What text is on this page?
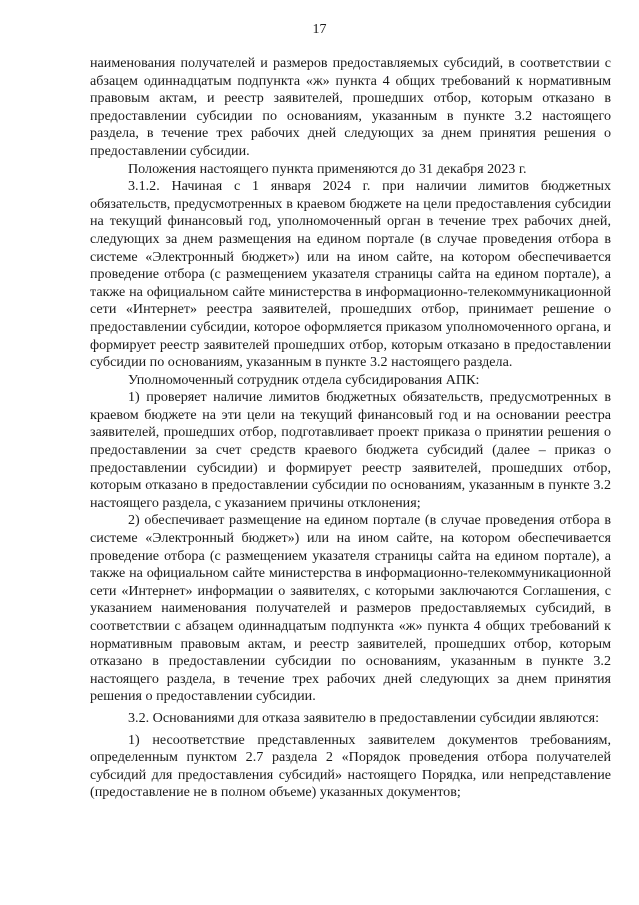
17

наименования получателей и размеров предоставляемых субсидий, в соответствии с абзацем одиннадцатым подпункта «ж» пункта 4 общих требований к нормативным правовым актам, и реестр заявителей, прошедших отбор, которым отказано в предоставлении субсидии по основаниям, указанным в пункте 3.2 настоящего раздела, в течение трех рабочих дней следующих за днем принятия решения о предоставлении субсидии.

Положения настоящего пункта применяются до 31 декабря 2023 г.

3.1.2. Начиная с 1 января 2024 г. при наличии лимитов бюджетных обязательств, предусмотренных в краевом бюджете на цели предоставления субсидии на текущий финансовый год, уполномоченный орган в течение трех рабочих дней, следующих за днем размещения на едином портале (в случае проведения отбора в системе «Электронный бюджет») или на ином сайте, на котором обеспечивается проведение отбора (с размещением указателя страницы сайта на едином портале), а также на официальном сайте министерства в информационно-телекоммуникационной сети «Интернет» реестра заявителей, прошедших отбор, принимает решение о предоставлении субсидии, которое оформляется приказом уполномоченного органа, и формирует реестр заявителей прошедших отбор, которым отказано в предоставлении субсидии по основаниям, указанным в пункте 3.2 настоящего раздела.

Уполномоченный сотрудник отдела субсидирования АПК:

1) проверяет наличие лимитов бюджетных обязательств, предусмотренных в краевом бюджете на эти цели на текущий финансовый год и на основании реестра заявителей, прошедших отбор, подготавливает проект приказа о принятии решения о предоставлении за счет средств краевого бюджета субсидий (далее – приказ о предоставлении субсидии) и формирует реестр заявителей, прошедших отбор, которым отказано в предоставлении субсидии по основаниям, указанным в пункте 3.2 настоящего раздела, с указанием причины отклонения;

2) обеспечивает размещение на едином портале (в случае проведения отбора в системе «Электронный бюджет») или на ином сайте, на котором обеспечивается проведение отбора (с размещением указателя страницы сайта на едином портале), а также на официальном сайте министерства в информационно-телекоммуникационной сети «Интернет» информации о заявителях, с которыми заключаются Соглашения, с указанием наименования получателей и размеров предоставляемых субсидий, в соответствии с абзацем одиннадцатым подпункта «ж» пункта 4 общих требований к нормативным правовым актам, и реестр заявителей, прошедших отбор, которым отказано в предоставлении субсидии по основаниям, указанным в пункте 3.2 настоящего раздела, в течение трех рабочих дней следующих за днем принятия решения о предоставлении субсидии.

3.2. Основаниями для отказа заявителю в предоставлении субсидии являются:

1) несоответствие представленных заявителем документов требованиям, определенным пунктом 2.7 раздела 2 «Порядок проведения отбора получателей субсидий для предоставления субсидий» настоящего Порядка, или непредставление (предоставление не в полном объеме) указанных документов;
